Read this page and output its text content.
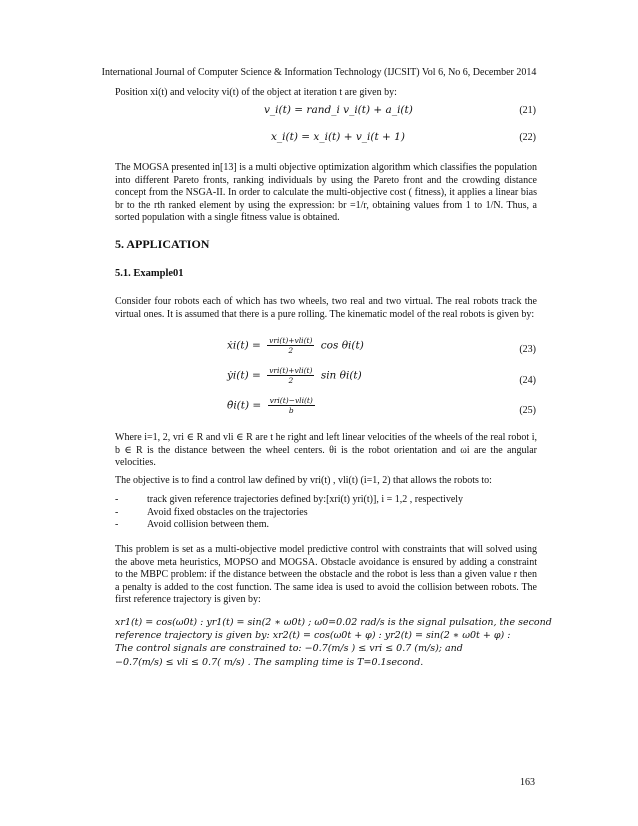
International Journal of Computer Science & Information Technology (IJCSIT) Vol 6, No 6, December 2014
Position xi(t) and velocity vi(t) of the object at iteration t are given by:
v_i(t) = rand_i v_i(t) + a_i(t)	(21)
x_i(t) = x_i(t) + v_i(t + 1)	(22)
The MOGSA presented in[13] is a multi objective optimization algorithm which classifies the population into different Pareto fronts, ranking individuals by using the Pareto front and the crowding distance concept from the NSGA-II. In order to calculate the multi-objective cost ( fitness), it applies a linear bias br to the rth ranked element by using the expression: br =1/r, obtaining values from 1 to 1/N. Thus, a sorted population with a single fitness value is obtained.
5. APPLICATION
5.1. Example01
Consider four robots each of which has two wheels, two real and two virtual. The real robots track the virtual ones. It is assumed that there is a pure rolling. The kinematic model of the real robots is given by:
ẋi(t) = $\frac{\text{vri(t)+vli(t)}}{2}$ cos θi(t)	(23)
ẏi(t) = $\frac{\text{vri(t)+vli(t)}}{2}$ sin θi(t)	(24)
θ̇i(t) = $\frac{\text{vri(t)−vli(t)}}{b}$	(25)
Where i=1, 2, vri ∈ R and vli ∈ R are t he right and left linear velocities of the wheels of the real robot i, b ∈ R is the distance between the wheel centers. θi is the robot orientation and ωi are the angular velocities.
The objective is to find a control law defined by vri(t) , vli(t) (i=1, 2) that allows the robots to:
-	track given reference trajectories defined by:[xri(t) yri(t)], i = 1,2 , respectively
-	Avoid fixed obstacles on the trajectories
-	Avoid collision between them.
This problem is set as a multi-objective model predictive control with constraints that will solved using the above meta heuristics, MOPSO and MOGSA. Obstacle avoidance is ensured by adding a constraint to the MBPC problem: if the distance between the obstacle and the robot is less than a given value r then a penalty is added to the cost function. The same idea is used to avoid the collision between robots. The first reference trajectory is given by:
xr1(t) = cos(ω0t) : yr1(t) = sin(2 ∗ ω0t) ; ω0=0.02 rad/s is the signal pulsation, the second
reference trajectory is given by: xr2(t) = cos(ω0t + φ) : yr2(t) = sin(2 ∗ ω0t + φ) :
The control signals are constrained to: −0.7(m/s ) ≤ vri ≤ 0.7 (m/s); and
−0.7(m/s) ≤ vli ≤ 0.7( m/s) . The sampling time is T=0.1second.
163
